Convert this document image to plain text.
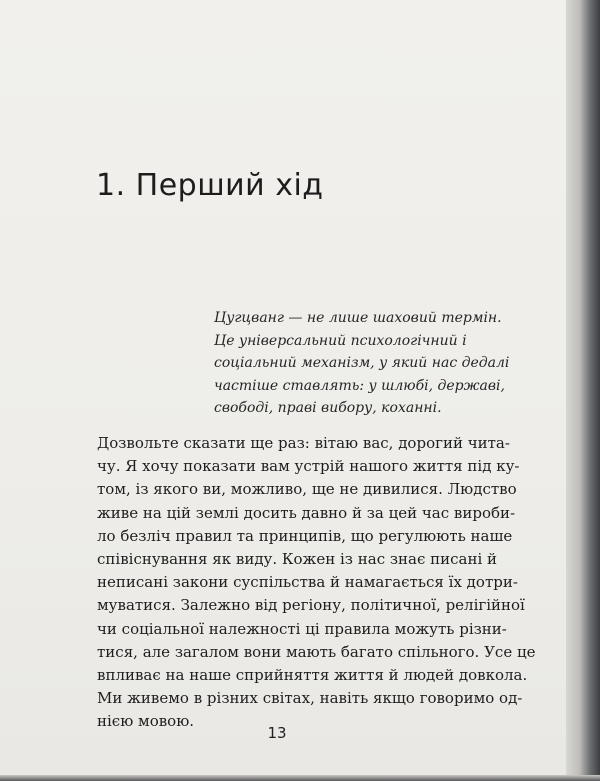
1. Перший хід
Цугцванг — не лише шаховий термін.
Це універсальний психологічний і
соціальний механізм, у який нас дедалі
частіше ставлять: у шлюбі, державі,
свободі, праві вибору, коханні.
Дозвольте сказати ще раз: вітаю вас, дорогий чита-
чу. Я хочу показати вам устрій нашого життя під ку-
том, із якого ви, можливо, ще не дивилися. Людство
живе на цій землі досить давно й за цей час вироби-
ло безліч правил та принципів, що регулюють наше
співіснування як виду. Кожен із нас знає писані й
неписані закони суспільства й намагається їх дотри-
муватися. Залежно від регіону, політичної, релігійної
чи соціальної належності ці правила можуть різни-
тися, але загалом вони мають багато спільного. Усе це
впливає на наше сприйняття життя й людей довкола.
Ми живемо в різних світах, навіть якщо говоримо од-
нією мовою.
13
